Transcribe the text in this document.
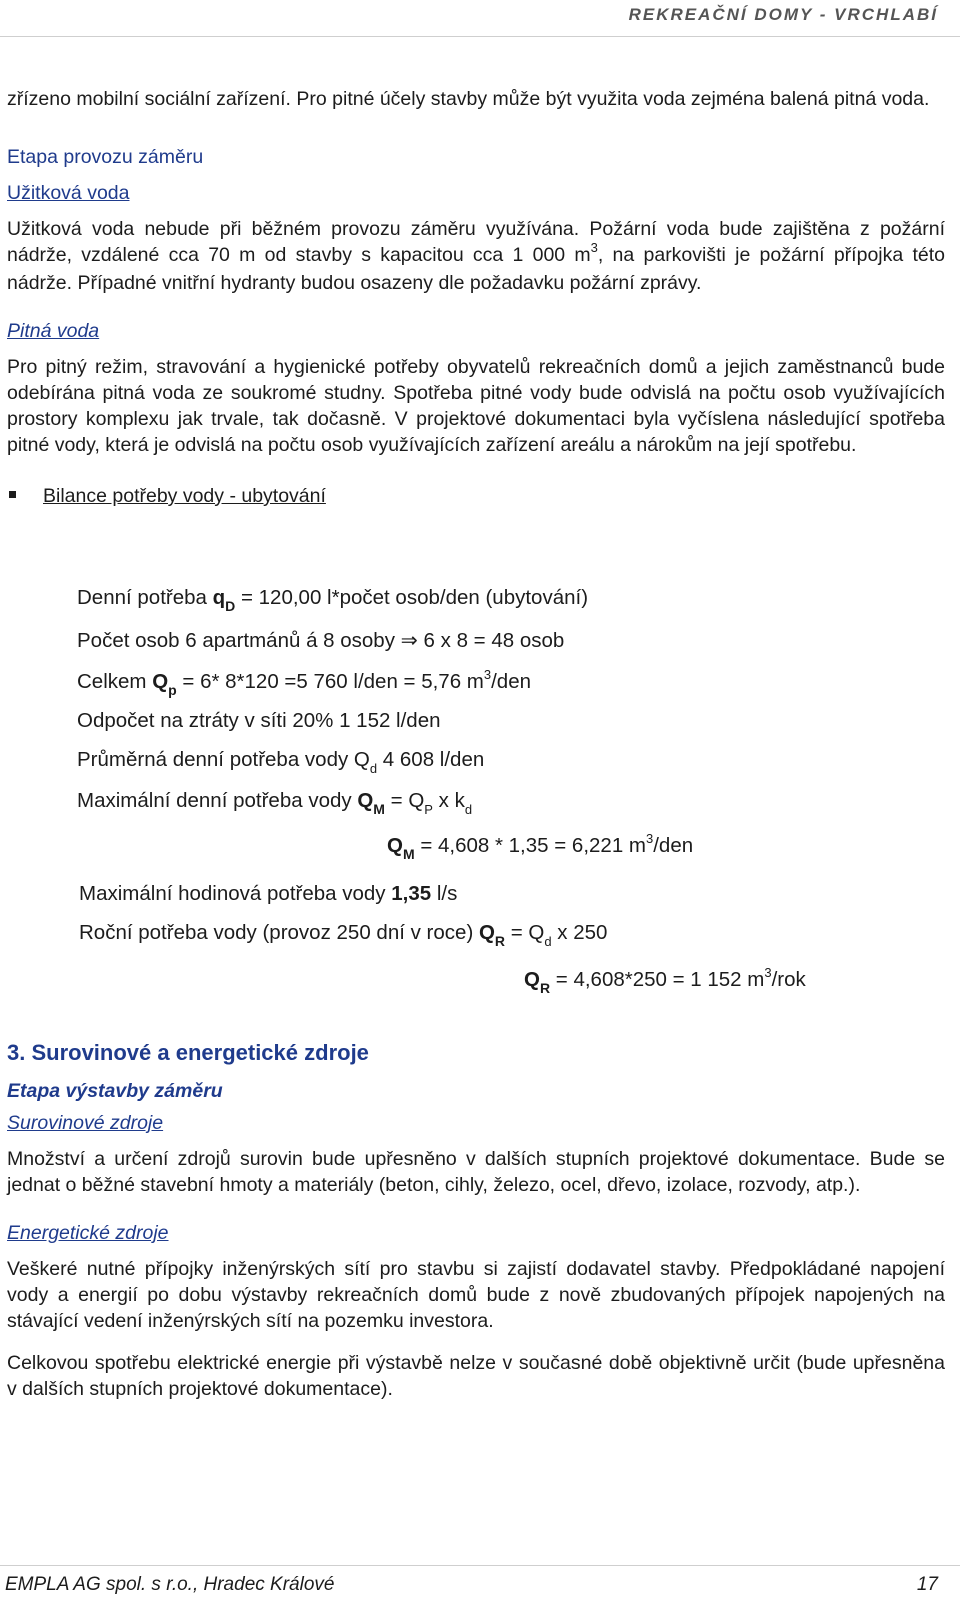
REKREAČNÍ DOMY - VRCHLABÍ

zřízeno mobilní sociální zařízení. Pro pitné účely stavby může být využita voda zejména balená pitná voda.

Etapa provozu záměru
Užitková voda

Užitková voda nebude při běžném provozu záměru využívána. Požární voda bude zajištěna z požární nádrže, vzdálené cca 70 m od stavby s kapacitou cca 1 000 $m^3$, na parkovišti je požární přípojka této nádrže. Případné vnitřní hydranty budou osazeny dle požadavku požární zprávy.

Pitná voda

Pro pitný režim, stravování a hygienické potřeby obyvatelů rekreačních domů a jejich zaměstnanců bude odebírána pitná voda ze soukromé studny. Spotřeba pitné vody bude odvislá na počtu osob využívajících prostory komplexu jak trvale, tak dočasně. V projektové dokumentaci byla vyčíslena následující spotřeba pitné vody, která je odvislá na počtu osob využívajících zařízení areálu a nárokům na její spotřebu.

Bilance potřeby vody - ubytování
Denní potřeba $q_D = 120,00$ l*počet osob/den (ubytování)
Počet osob 6 apartmánů á 8 osoby ⇒ 6 x 8 = 48 osob
Celkem $Q_p = 6*$ 8*120 =5 760 l/den = 5,76 $m^3$/den
Odpočet na ztráty v síti 20% 1 152 l/den
Průměrná denní potřeba vody $Q_d$ 4 608 l/den
Maximální denní potřeba vody $Q_M = Q_P$ x $k_d$
$Q_M = 4,608 * 1,35 = 6,221$ $m^3$/den
Maximální hodinová potřeba vody 1,35 l/s
Roční potřeba vody (provoz 250 dní v roce) $Q_R = Q_d$ x 250
$Q_R = 4,608*250 = 1$ 152 $m^3$/rok
3. Surovinové a energetické zdroje
Etapa výstavby záměru
Surovinové zdroje

Množství a určení zdrojů surovin bude upřesněno v dalších stupních projektové dokumentace. Bude se jednat o běžné stavební hmoty a materiály (beton, cihly, železo, ocel, dřevo, izolace, rozvody, atp.).

Energetické zdroje

Veškeré nutné přípojky inženýrských sítí pro stavbu si zajistí dodavatel stavby. Předpokládané napojení vody a energií po dobu výstavby rekreačních domů bude z nově zbudovaných přípojek napojených na stávající vedení inženýrských sítí na pozemku investora.

Celkovou spotřebu elektrické energie při výstavbě nelze v současné době objektivně určit (bude upřesněna v dalších stupních projektové dokumentace).

EMPLA AG spol. s r.o., Hradec Králové	17
